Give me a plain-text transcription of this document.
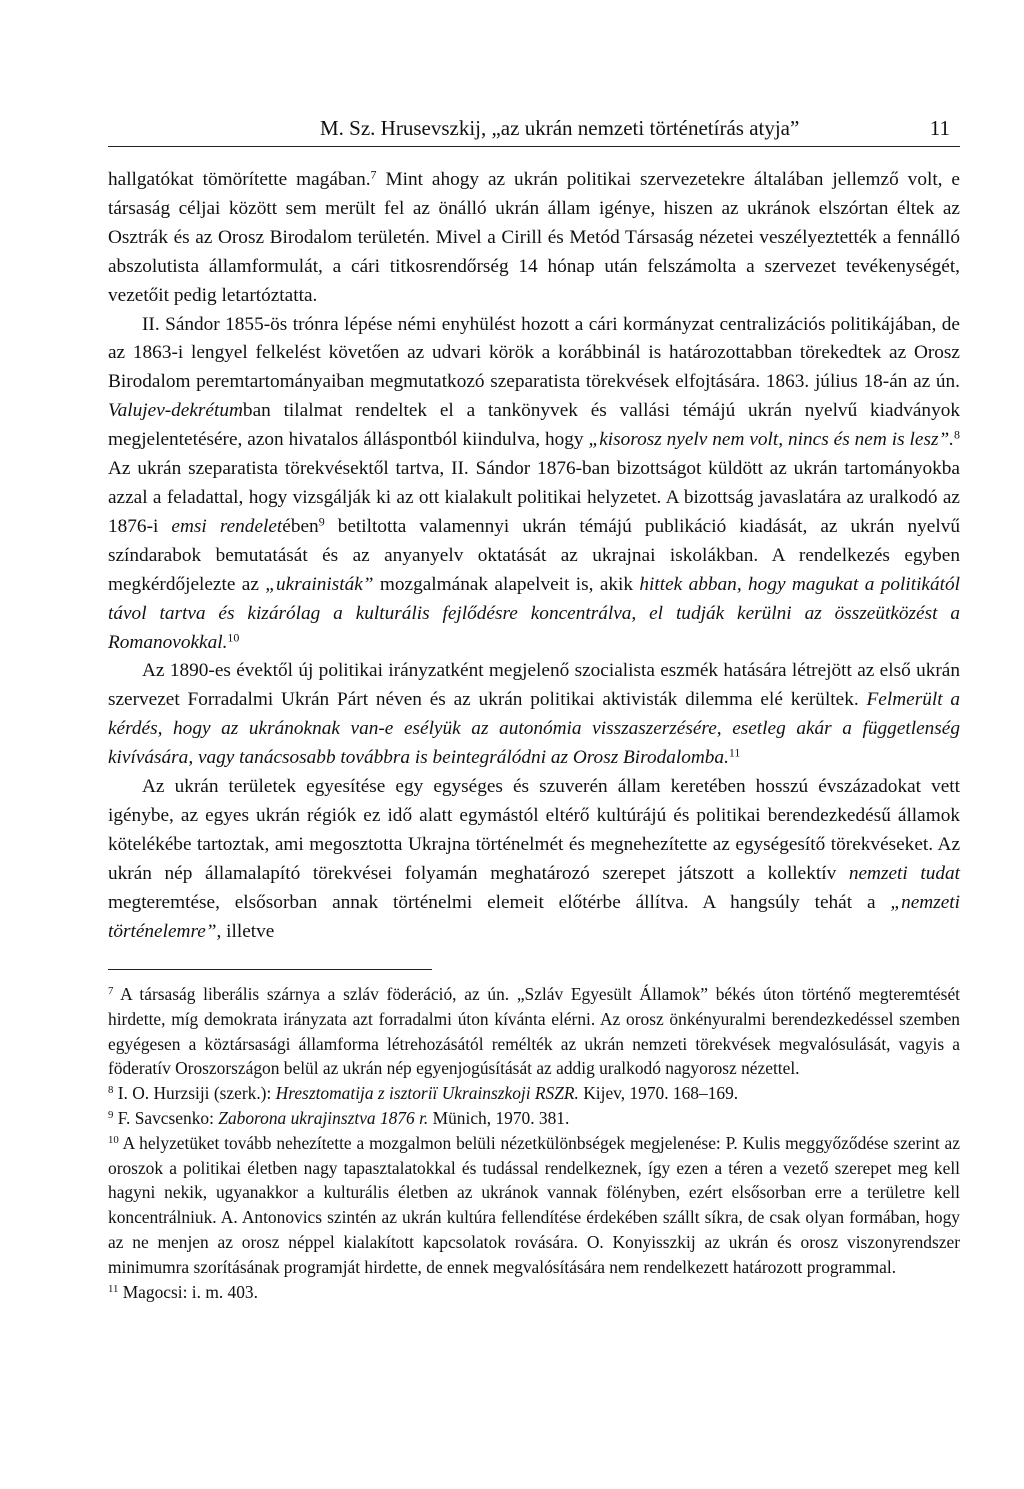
M. Sz. Hrusevszkij, „az ukrán nemzeti történetírás atyja”	11

hallgatókat tömörítette magában.$^7$ Mint ahogy az ukrán politikai szervezetekre általában jellemző volt, e társaság céljai között sem merült fel az önálló ukrán állam igénye, hiszen az ukránok elszórtan éltek az Osztrák és az Orosz Birodalom területén. Mivel a Cirill és Metód Társaság nézetei veszélyeztették a fennálló abszolutista államformulát, a cári titkosrendőrség 14 hónap után felszámolta a szervezet tevékenységét, vezetőit pedig letartóztatta.

II. Sándor 1855-ös trónra lépése némi enyhülést hozott a cári kormányzat centralizációs politikájában, de az 1863-i lengyel felkelést követően az udvari körök a korábbinál is határozottabban törekedtek az Orosz Birodalom peremtartományaiban megmutatkozó szeparatista törekvések elfojtására. 1863. július 18-án az ún. Valujev-dekrétumban tilalmat rendeltek el a tankönyvek és vallási témájú ukrán nyelvű kiadványok megjelentetésére, azon hivatalos álláspontból kiindulva, hogy „kisorosz nyelv nem volt, nincs és nem is lesz”.$^8$ Az ukrán szeparatista törekvésektől tartva, II. Sándor 1876-ban bizottságot küldött az ukrán tartományokba azzal a feladattal, hogy vizsgálják ki az ott kialakult politikai helyzetet. A bizottság javaslatára az uralkodó az 1876-i emsi rendeletében$^9$ betiltotta valamennyi ukrán témájú publikáció kiadását, az ukrán nyelvű színdarabok bemutatását és az anyanyelv oktatását az ukrajnai iskolákban. A rendelkezés egyben megkérdőjelezte az „ukrainisták” mozgalmának alapelveit is, akik hittek abban, hogy magukat a politikától távol tartva és kizárólag a kulturális fejlődésre koncentrálva, el tudják kerülni az összeütközést a Romanovokkal.$^{10}$

Az 1890-es évektől új politikai irányzatként megjelenő szocialista eszmék hatására létrejött az első ukrán szervezet Forradalmi Ukrán Párt néven és az ukrán politikai aktivisták dilemma elé kerültek. Felmerült a kérdés, hogy az ukránoknak van-e esélyük az autonómia visszaszerzésére, esetleg akár a függetlenség kivívására, vagy tanácsosabb továbbra is beintegrálódni az Orosz Birodalomba.$^{11}$

Az ukrán területek egyesítése egy egységes és szuverén állam keretében hosszú évszázadokat vett igénybe, az egyes ukrán régiók ez idő alatt egymástól eltérő kultúrájú és politikai berendezkedésű államok kötelékébe tartoztak, ami megosztotta Ukrajna történelmét és megnehezítette az egységesítő törekvéseket. Az ukrán nép államalapító törekvései folyamán meghatározó szerepet játszott a kollektív nemzeti tudat megteremtése, elsősorban annak történelmi elemeit előtérbe állítva. A hangsúly tehát a „nemzeti történelemre”, illetve

$^7$ A társaság liberális szárnya a szláv föderáció, az ún. „Szláv Egyesült Államok” békés úton történő megteremtését hirdette, míg demokrata irányzata azt forradalmi úton kívánta elérni. Az orosz önkényuralmi berendezkedéssel szemben egyégesen a köztársasági államforma létrehozásától remélték az ukrán nemzeti törekvések megvalósulását, vagyis a föderatív Oroszországon belül az ukrán nép egyenjogúsítását az addig uralkodó nagyorosz nézettel.

$^8$ I. O. Hurzsiji (szerk.): Hresztomatija z isztoriï Ukrainszkoji RSZR. Kijev, 1970. 168–169.

$^9$ F. Savcsenko: Zaborona ukrajinsztva 1876 r. Münich, 1970. 381.

$^{10}$ A helyzetüket tovább nehezítette a mozgalmon belüli nézetkülönbségek megjelenése: P. Kulis meggyőződése szerint az oroszok a politikai életben nagy tapasztalatokkal és tudással rendelkeznek, így ezen a téren a vezető szerepet meg kell hagyni nekik, ugyanakkor a kulturális életben az ukránok vannak fölényben, ezért elsősorban erre a területre kell koncentrálniuk. A. Antonovics szintén az ukrán kultúra fellendítése érdekében szállt síkra, de csak olyan formában, hogy az ne menjen az orosz néppel kialakított kapcsolatok rovására. O. Konyisszkij az ukrán és orosz viszonyrendszer minimumra szorításának programját hirdette, de ennek megvalósítására nem rendelkezett határozott programmal.

$^{11}$ Magocsi: i. m. 403.
